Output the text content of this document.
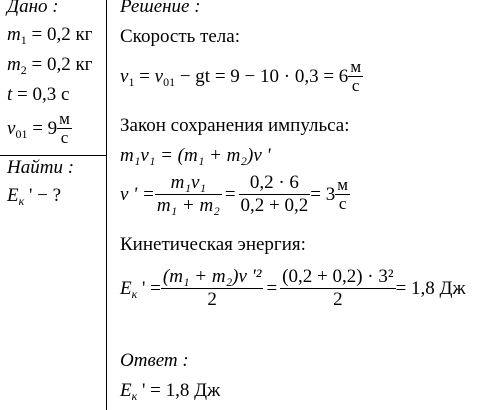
Дано :
$m_1 = 0,2$ кг
$m_2 = 0,2$ кг
t = 0,3 с
$v_{01} = 9 \frac{м}{с}$
Найти :
$E_к$ ' − ?
Решение :
Скорость тела:
$v_1 = v_{01}$ − gt = $9 - 10 \cdot 0,3 = 6 \frac{м}{с}$
Закон сохранения импульса:
m₁v₁ = (m₁ + m₂)v '
v ' = $\frac{\text{m₁v₁}}{\text{m₁ + m₂}} = \frac{0,2 \cdot 6}{0,2 + 0,2} = 3 \frac{м}{с}$
Кинетическая энергия:
$E_к$ ' = $\frac{\text{(m₁ + m₂)v '²}}{2} = \frac{\text{(0,2 + 0,2) · 3²}}{2} = 1,8$ Дж
Ответ :
$E_к$ ' = 1,8 Дж
